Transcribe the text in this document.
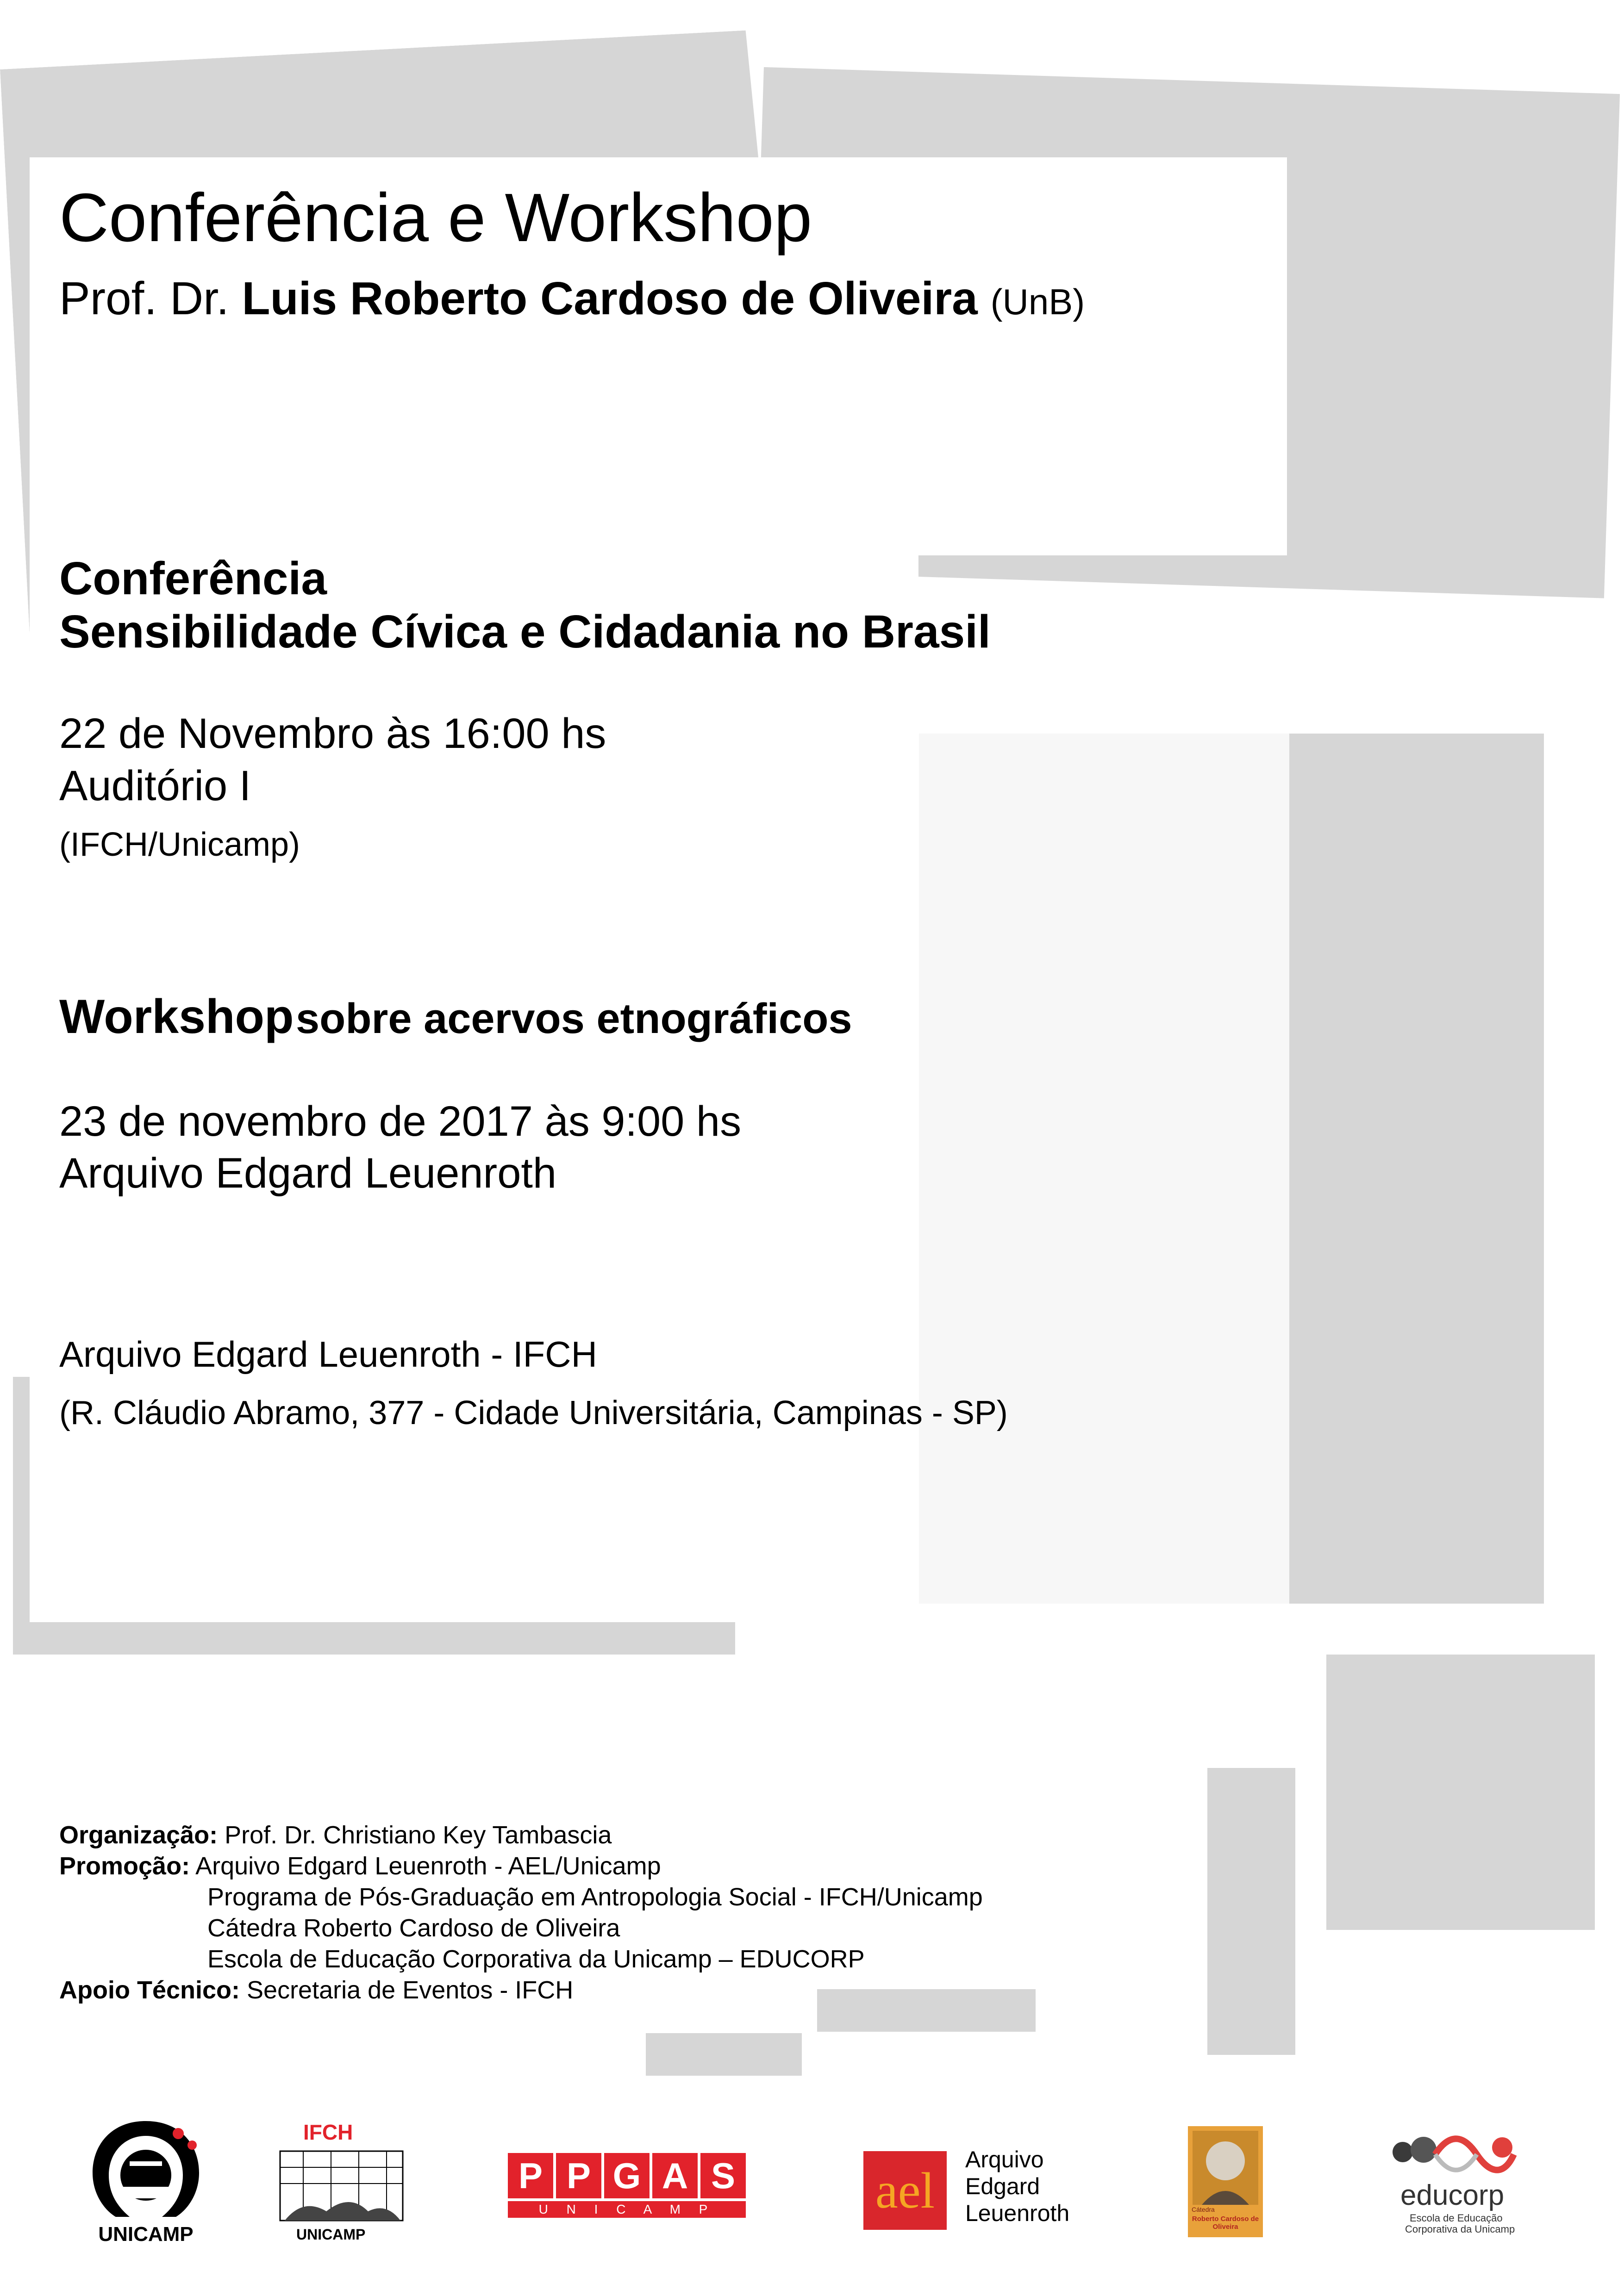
Conferência e Workshop
Prof. Dr. Luis Roberto Cardoso de Oliveira (UnB)
Conferência
Sensibilidade Cívica e Cidadania no Brasil
22 de Novembro às 16:00 hs
Auditório I
(IFCH/Unicamp)
Workshop sobre acervos etnográficos
23 de novembro de 2017 às 9:00 hs
Arquivo Edgard Leuenroth
Arquivo Edgard Leuenroth - IFCH
(R. Cláudio Abramo, 377 - Cidade Universitária, Campinas - SP)
Organização: Prof. Dr. Christiano Key Tambascia
Promoção: Arquivo Edgard Leuenroth - AEL/Unicamp
Programa de Pós-Graduação em Antropologia Social - IFCH/Unicamp
Cátedra Roberto Cardoso de Oliveira
Escola de Educação Corporativa da Unicamp – EDUCORP
Apoio Técnico: Secretaria de Eventos - IFCH
UNICAMP
IFCH
UNICAMP
P P G A S
U N I C A M P	ael
Arquivo
Edgard
Leuenroth	Cátedra
Roberto Cardoso de Oliveira
educorp
Escola de Educação
Corporativa da Unicamp
